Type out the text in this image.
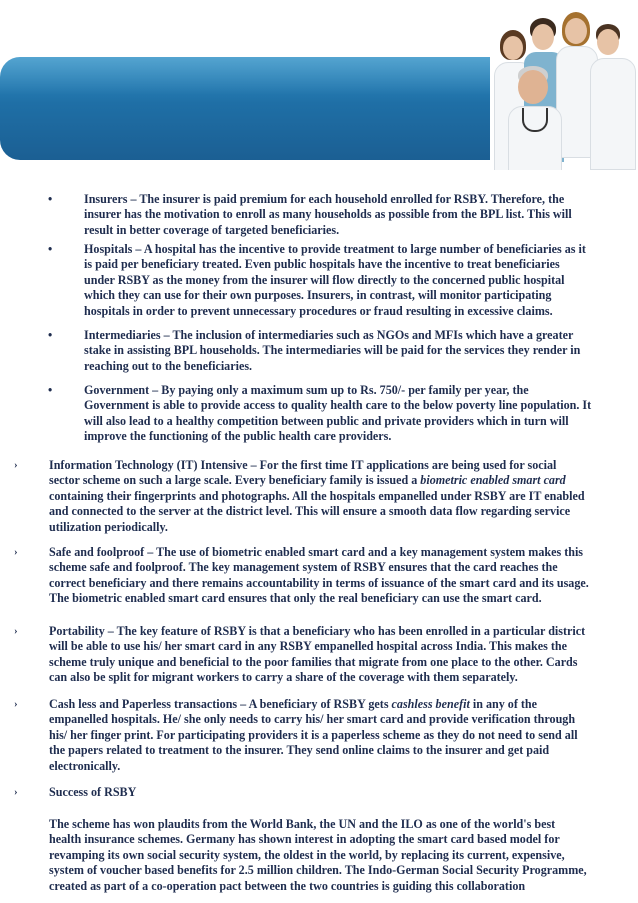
•	Insurers – The insurer is paid premium for each household enrolled for RSBY. Therefore, the
insurer has the motivation to enroll as many households as possible from the BPL list. This will
result in better coverage of targeted beneficiaries.
•	Hospitals – A hospital has the incentive to provide treatment to large number of beneficiaries as it
is paid per beneficiary treated. Even public hospitals have the incentive to treat beneficiaries
under RSBY as the money from the insurer will flow directly to the concerned public hospital
which they can use for their own purposes. Insurers, in contrast, will monitor participating
hospitals in order to prevent unnecessary procedures or fraud resulting in excessive claims.
•	Intermediaries – The inclusion of intermediaries such as NGOs and MFIs which have a greater
stake in assisting BPL households. The intermediaries will be paid for the services they render in
reaching out to the beneficiaries.
•	Government – By paying only a maximum sum up to Rs. 750/- per family per year, the
Government is able to provide access to quality health care to the below poverty line population. It
will also lead to a healthy competition between public and private providers which in turn will
improve the functioning of the public health care providers.
›	Information Technology (IT) Intensive – For the first time IT applications are being used for social
sector scheme on such a large scale. Every beneficiary family is issued a biometric enabled smart card
containing their fingerprints and photographs. All the hospitals empanelled under RSBY are IT enabled
and connected to the server at the district level. This will ensure a smooth data flow regarding service
utilization periodically.
›	Safe and foolproof – The use of biometric enabled smart card and a key management system makes this
scheme safe and foolproof. The key management system of RSBY ensures that the card reaches the
correct beneficiary and there remains accountability in terms of issuance of the smart card and its usage.
The biometric enabled smart card ensures that only the real beneficiary can use the smart card.
›	Portability – The key feature of RSBY is that a beneficiary who has been enrolled in a particular district
will be able to use his/ her smart card in any RSBY empanelled hospital across India. This makes the
scheme truly unique and beneficial to the poor families that migrate from one place to the other. Cards
can also be split for migrant workers to carry a share of the coverage with them separately.
›	Cash less and Paperless transactions – A beneficiary of RSBY gets cashless benefit in any of the
empanelled hospitals. He/ she only needs to carry his/ her smart card and provide verification through
his/ her finger print. For participating providers it is a paperless scheme as they do not need to send all
the papers related to treatment to the insurer. They send online claims to the insurer and get paid
electronically.
›	Success of RSBY
The scheme has won plaudits from the World Bank, the UN and the ILO as one of the world's best
health insurance schemes. Germany has shown interest in adopting the smart card based model for
revamping its own social security system, the oldest in the world, by replacing its current, expensive,
system of voucher based benefits for 2.5 million children. The Indo-German Social Security Programme,
created as part of a co-operation pact between the two countries is guiding this collaboration
